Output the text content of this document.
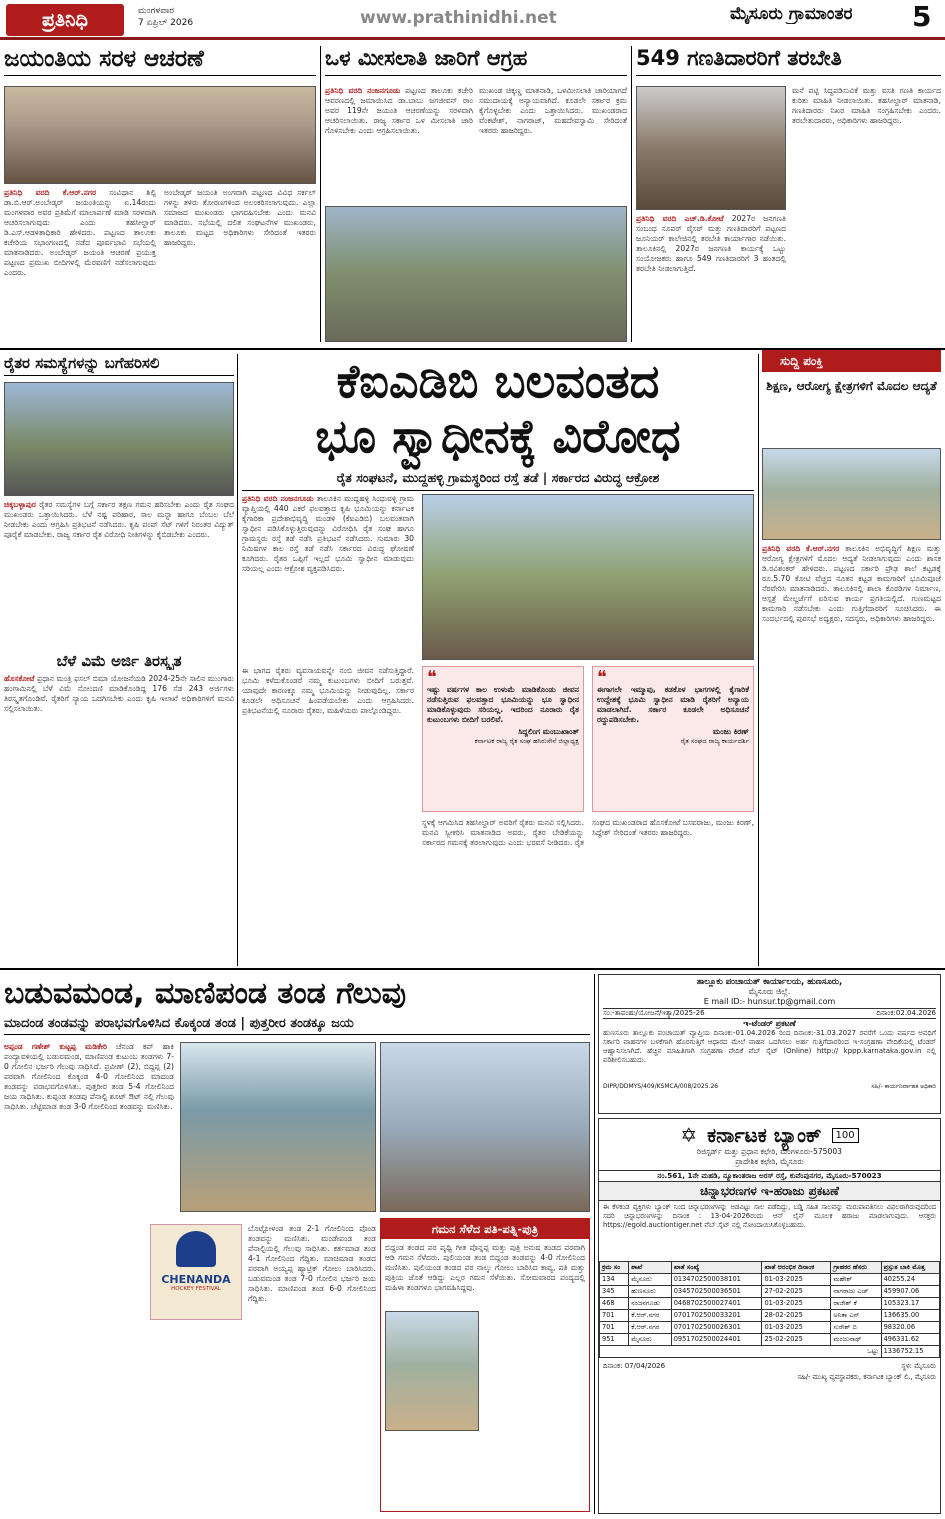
ಪ್ರತಿನಿಧಿ	ಮಂಗಳವಾರ
7 ಏಪ್ರಿಲ್ 2026	www.prathinidhi.net	ಮೈಸೂರು ಗ್ರಾಮಾಂತರ 5
ಜಯಂತಿಯ ಸರಳ ಆಚರಣೆ
ಪ್ರತಿನಿಧಿ ವರದಿ ಕೆ.ಆರ್.ನಗರ ಸಂವಿಧಾನ ಶಿಲ್ಪಿ ಡಾ.ಬಿ.ಆರ್.ಅಂಬೇಡ್ಕರ್ ಜಯಂತಿಯನ್ನು ಏ.14ರಂದು ಮಂಗಳವಾರ ಅವರ ಪ್ರತಿಮೆಗೆ ಮಾಲಾರ್ಪಣೆ ಮಾಡಿ ಸರಳವಾಗಿ ಆಚರಿಸಲಾಗುವುದು ಎಂದು ತಹಸೀಲ್ದಾರ್ ಡಿ.ಎಸ್.ಆಡಳಿತಾಧಿಕಾರಿ ಹೇಳಿದರು. ಪಟ್ಟಣದ ತಾಲೂಕು ಕಚೇರಿಯ ಸಭಾಂಗಣದಲ್ಲಿ ನಡೆದ ಪೂರ್ವಭಾವಿ ಸಭೆಯಲ್ಲಿ ಮಾತನಾಡಿದರು. ಅಂಬೇಡ್ಕರ್ ಜಯಂತಿ ಆಚರಣೆ ಪ್ರಯುಕ್ತ ಪಟ್ಟಣದ ಪ್ರಮುಖ ಬೀದಿಗಳಲ್ಲಿ ಮೆರವಣಿಗೆ ನಡೆಸಲಾಗುವುದು ಎಂದರು.
ಅಂಬೇಡ್ಕರ್ ಜಯಂತಿ ಅಂಗವಾಗಿ ಪಟ್ಟಣದ ವಿವಿಧ ಸರ್ಕಲ್ ಗಳನ್ನು ತಳಿರು ತೋರಣಗಳಿಂದ ಅಲಂಕರಿಸಲಾಗುವುದು. ಎಲ್ಲಾ ಸಮಾಜದ ಮುಖಂಡರು ಭಾಗವಹಿಸಬೇಕು ಎಂದು ಮನವಿ ಮಾಡಿದರು. ಸಭೆಯಲ್ಲಿ ದಲಿತ ಸಂಘಟನೆಗಳ ಮುಖಂಡರು, ತಾಲೂಕು ಮಟ್ಟದ ಅಧಿಕಾರಿಗಳು ಸೇರಿದಂತೆ ಇತರರು ಹಾಜರಿದ್ದರು.
ಒಳ ಮೀಸಲಾತಿ ಜಾರಿಗೆ ಆಗ್ರಹ
ಪ್ರತಿನಿಧಿ ವರದಿ ನಂಜನಗೂಡು ಪಟ್ಟಣದ ತಾಲೂಕು ಕಚೇರಿ ಆವರಣದಲ್ಲಿ ಜಮಾಯಿಸಿದ ಡಾ.ಬಾಬು ಜಗಜೀವನ್ ರಾಂ ಅವರ 119ನೇ ಜಯಂತಿ ಆಚರಣೆಯನ್ನು ಸರಳವಾಗಿ ಆಚರಿಸಲಾಯಿತು. ರಾಜ್ಯ ಸರ್ಕಾರ ಒಳ ಮೀಸಲಾತಿ ಜಾರಿ ಗೊಳಿಸಬೇಕು ಎಂದು ಆಗ್ರಹಿಸಲಾಯಿತು.
ಮುಖಂಡ ಚಿಕ್ಕಣ್ಣ ಮಾತನಾಡಿ, ಒಳಮೀಸಲಾತಿ ಜಾರಿಯಾಗದೆ ಸಮುದಾಯಕ್ಕೆ ಅನ್ಯಾಯವಾಗಿದೆ. ಕೂಡಲೇ ಸರ್ಕಾರ ಕ್ರಮ ಕೈಗೊಳ್ಳಬೇಕು ಎಂದು ಒತ್ತಾಯಿಸಿದರು. ಮುಖಂಡರಾದ ವೆಂಕಟೇಶ್, ನಾಗರಾಜ್, ಮಹದೇವಸ್ವಾಮಿ ಸೇರಿದಂತೆ ಇತರರು ಹಾಜರಿದ್ದರು.
549 ಗಣತಿದಾರರಿಗೆ ತರಬೇತಿ
ಪ್ರತಿನಿಧಿ ವರದಿ ಎಚ್.ಡಿ.ಕೋಟೆ 2027ರ ಜನಗಣತಿ ಸಂಬಂಧ ಸೂಪರ್ ವೈಸರ್ ಮತ್ತು ಗಣತಿದಾರರಿಗೆ ಪಟ್ಟಣದ ಜೂನಿಯರ್ ಕಾಲೇಜಿನಲ್ಲಿ ತರಬೇತಿ ಕಾರ್ಯಾಗಾರ ನಡೆಯಿತು. ತಾಲೂಕಿನಲ್ಲಿ 2027ರ ಜನಗಣತಿ ಕಾರ್ಯಕ್ಕೆ ಒಟ್ಟು ಸಂಯೋಜಕರು ಹಾಗೂ 549 ಗಣತಿದಾರರಿಗೆ 3 ಹಂತದಲ್ಲಿ ತರಬೇತಿ ನೀಡಲಾಗುತ್ತಿದೆ.
ಮನೆ ಪಟ್ಟಿ ಸಿದ್ಧಪಡಿಸುವಿಕೆ ಮತ್ತು ವಸತಿ ಗಣತಿ ಕಾರ್ಯದ ಕುರಿತು ಮಾಹಿತಿ ನೀಡಲಾಯಿತು. ತಹಸೀಲ್ದಾರ್ ಮಾತನಾಡಿ, ಗಣತಿದಾರರು ನಿಖರ ಮಾಹಿತಿ ಸಂಗ್ರಹಿಸಬೇಕು ಎಂದರು. ತರಬೇತುದಾರರು, ಅಧಿಕಾರಿಗಳು ಹಾಜರಿದ್ದರು.
ರೈತರ ಸಮಸ್ಯೆಗಳನ್ನು ಬಗೆಹರಿಸಲಿ
ಚಿಕ್ಕಬಳ್ಳಾಪುರ ರೈತರ ಸಮಸ್ಯೆಗಳ ಬಗ್ಗೆ ಸರ್ಕಾರ ತಕ್ಷಣ ಗಮನ ಹರಿಸಬೇಕು ಎಂದು ರೈತ ಸಂಘದ ಮುಖಂಡರು ಒತ್ತಾಯಿಸಿದರು. ಬೆಳೆ ನಷ್ಟ ಪರಿಹಾರ, ಸಾಲ ಮನ್ನಾ ಹಾಗೂ ಬೆಂಬಲ ಬೆಲೆ ನೀಡಬೇಕು ಎಂದು ಆಗ್ರಹಿಸಿ ಪ್ರತಿಭಟನೆ ನಡೆಸಿದರು. ಕೃಷಿ ಪಂಪ್ ಸೆಟ್ ಗಳಿಗೆ ನಿರಂತರ ವಿದ್ಯುತ್ ಪೂರೈಕೆ ಮಾಡಬೇಕು. ರಾಜ್ಯ ಸರ್ಕಾರ ರೈತ ವಿರೋಧಿ ನೀತಿಗಳನ್ನು ಕೈಬಿಡಬೇಕು ಎಂದರು.
ಬೆಳೆ ವಿಮೆ ಅರ್ಜಿ ತಿರಸ್ಕೃತ
ಹೊಸಕೋಟೆ ಪ್ರಧಾನ ಮಂತ್ರಿ ಫಸಲ್ ಬಿಮಾ ಯೋಜನೆಯಡಿ 2024-25ನೇ ಸಾಲಿನ ಮುಂಗಾರು ಹಂಗಾಮಿನಲ್ಲಿ ಬೆಳೆ ವಿಮೆ ನೋಂದಣಿ ಮಾಡಿಕೊಂಡಿದ್ದ 176 ಸೆಡ 243 ಅರ್ಜಿಗಳು ತಿರಸ್ಕೃತಗೊಂಡಿವೆ. ರೈತರಿಗೆ ನ್ಯಾಯ ಒದಗಿಸಬೇಕು ಎಂದು ಕೃಷಿ ಇಲಾಖೆ ಅಧಿಕಾರಿಗಳಿಗೆ ಮನವಿ ಸಲ್ಲಿಸಲಾಯಿತು.
ಕೆಐಎಡಿಬಿ ಬಲವಂತದ
ಭೂ ಸ್ವಾಧೀನಕ್ಕೆ ವಿರೋಧ
ರೈತ ಸಂಘಟನೆ, ಮುದ್ದಹಳ್ಳಿ ಗ್ರಾಮಸ್ಥರಿಂದ ರಸ್ತೆ ತಡೆ | ಸರ್ಕಾರದ ವಿರುದ್ಧ ಆಕ್ರೋಶ
ಪ್ರತಿನಿಧಿ ವರದಿ ನಂಜನಗೂಡು ತಾಲೂಕಿನ ಮುದ್ದಹಳ್ಳಿ ಸಿಂಧುವಳ್ಳಿ ಗ್ರಾಮ ವ್ಯಾಪ್ತಿಯಲ್ಲಿ 440 ಎಕರೆ ಫಲವತ್ತಾದ ಕೃಷಿ ಭೂಮಿಯನ್ನು ಕರ್ನಾಟಕ ಕೈಗಾರಿಕಾ ಪ್ರದೇಶಾಭಿವೃದ್ಧಿ ಮಂಡಳಿ (ಕೆಐಎಡಿಬಿ) ಬಲವಂತವಾಗಿ ಸ್ವಾಧೀನ ಪಡಿಸಿಕೊಳ್ಳುತ್ತಿರುವುದನ್ನು ವಿರೋಧಿಸಿ ರೈತ ಸಂಘ ಹಾಗೂ ಗ್ರಾಮಸ್ಥರು ರಸ್ತೆ ತಡೆ ನಡೆಸಿ ಪ್ರತಿಭಟನೆ ನಡೆಸಿದರು. ಸುಮಾರು 30 ನಿಮಿಷಗಳ ಕಾಲ ರಸ್ತೆ ತಡೆ ನಡೆಸಿ ಸರ್ಕಾರದ ವಿರುದ್ಧ ಘೋಷಣೆ ಕೂಗಿದರು. ರೈತರ ಒಪ್ಪಿಗೆ ಇಲ್ಲದೆ ಭೂಮಿ ಸ್ವಾಧೀನ ಮಾಡುವುದು ಸರಿಯಲ್ಲ ಎಂದು ಆಕ್ರೋಶ ವ್ಯಕ್ತಪಡಿಸಿದರು.
ಈ ಭಾಗದ ರೈತರು ವ್ಯವಸಾಯವನ್ನೇ ನಂಬಿ ಜೀವನ ನಡೆಸುತ್ತಿದ್ದಾರೆ. ಭೂಮಿ ಕಳೆದುಕೊಂಡರೆ ನಮ್ಮ ಕುಟುಂಬಗಳು ಬೀದಿಗೆ ಬರುತ್ತವೆ. ಯಾವುದೇ ಕಾರಣಕ್ಕೂ ನಮ್ಮ ಭೂಮಿಯನ್ನು ನೀಡುವುದಿಲ್ಲ. ಸರ್ಕಾರ ಕೂಡಲೇ ಅಧಿಸೂಚನೆ ಹಿಂಪಡೆಯಬೇಕು ಎಂದು ಆಗ್ರಹಿಸಿದರು. ಪ್ರತಿಭಟನೆಯಲ್ಲಿ ನೂರಾರು ರೈತರು, ಮಹಿಳೆಯರು ಪಾಲ್ಗೊಂಡಿದ್ದರು.
❝
ಇಷ್ಟು ವರ್ಷಗಳ ಕಾಲ ಉಳುಮೆ ಮಾಡಿಕೊಂಡು ಜೀವನ ನಡೆಸುತ್ತಿರುವ ಫಲವತ್ತಾದ ಭೂಮಿಯನ್ನು ಭೂ ಸ್ವಾಧೀನ ಮಾಡಿಕೊಳ್ಳುವುದು ಸರಿಯಲ್ಲ. ಇದರಿಂದ ನೂರಾರು ರೈತ ಕುಟುಂಬಗಳು ಬೀದಿಗೆ ಬರಲಿವೆ.
ಸಿದ್ದಲಿಂಗ ಮಂಬುಖಾಂತ್
ಕರ್ನಾಟಕ ರಾಜ್ಯ ರೈತ ಸಂಘ ಹಸಿರುಸೇನೆ ಜಿಲ್ಲಾಧ್ಯಕ್ಷ
❝
ಈಗಾಗಲೇ ಇಮ್ಮಾವು, ಕಡಕೊಳ ಭಾಗಗಳಲ್ಲಿ ಕೈಗಾರಿಕೆ ಉದ್ದೇಶಕ್ಕೆ ಭೂಮಿ ಸ್ವಾಧೀನ ಮಾಡಿ ರೈತರಿಗೆ ಅನ್ಯಾಯ ಮಾಡಲಾಗಿದೆ. ಸರ್ಕಾರ ಕೂಡಲೇ ಅಧಿಸೂಚನೆ ರದ್ದುಪಡಿಸಬೇಕು.
ಮಂಜು ಕಿರಣ್
ರೈತ ಸಂಘದ ರಾಜ್ಯ ಕಾರ್ಯದರ್ಶಿ
ಸ್ಥಳಕ್ಕೆ ಆಗಮಿಸಿದ ತಹಸೀಲ್ದಾರ್ ಅವರಿಗೆ ರೈತರು ಮನವಿ ಸಲ್ಲಿಸಿದರು. ಮನವಿ ಸ್ವೀಕರಿಸಿ ಮಾತನಾಡಿದ ಅವರು, ರೈತರ ಬೇಡಿಕೆಯನ್ನು ಸರ್ಕಾರದ ಗಮನಕ್ಕೆ ತರಲಾಗುವುದು ಎಂದು ಭರವಸೆ ನೀಡಿದರು. ರೈತ ಸಂಘದ ಮುಖಂಡರಾದ ಹೊಸಕೋಟೆ ಬಸವರಾಜು, ಮಂಜು ಕಿರಣ್, ಸಿದ್ದೇಶ್ ಸೇರಿದಂತೆ ಇತರರು ಹಾಜರಿದ್ದರು.
ಸುದ್ದಿ ಪಂಕ್ತಿ
ಶಿಕ್ಷಣ, ಆರೋಗ್ಯ ಕ್ಷೇತ್ರಗಳಿಗೆ ಮೊದಲ ಆದ್ಯತೆ
ಪ್ರತಿನಿಧಿ ವರದಿ ಕೆ.ಆರ್.ನಗರ ತಾಲೂಕಿನ ಅಭಿವೃದ್ಧಿಗೆ ಶಿಕ್ಷಣ ಮತ್ತು ಆರೋಗ್ಯ ಕ್ಷೇತ್ರಗಳಿಗೆ ಮೊದಲ ಆದ್ಯತೆ ನೀಡಲಾಗುವುದು ಎಂದು ಶಾಸಕ ಡಿ.ರವಿಶಂಕರ್ ಹೇಳಿದರು. ಪಟ್ಟಣದ ಸರ್ಕಾರಿ ಪ್ರೌಢ ಶಾಲೆ ಕಟ್ಟಡಕ್ಕೆ ರೂ.5.70 ಕೋಟಿ ವೆಚ್ಚದ ನೂತನ ಕಟ್ಟಡ ಕಾಮಗಾರಿಗೆ ಭೂಮಿಪೂಜೆ ನೆರವೇರಿಸಿ ಮಾತನಾಡಿದರು. ತಾಲೂಕಿನಲ್ಲಿ ಶಾಲಾ ಕೊಠಡಿಗಳ ನಿರ್ಮಾಣ, ಆಸ್ಪತ್ರೆ ಮೇಲ್ದರ್ಜೆಗೆ ಏರಿಸುವ ಕಾರ್ಯ ಪ್ರಗತಿಯಲ್ಲಿದೆ. ಗುಣಮಟ್ಟದ ಕಾಮಗಾರಿ ನಡೆಸಬೇಕು ಎಂದು ಗುತ್ತಿಗೆದಾರರಿಗೆ ಸೂಚಿಸಿದರು. ಈ ಸಂದರ್ಭದಲ್ಲಿ ಪುರಸಭೆ ಅಧ್ಯಕ್ಷರು, ಸದಸ್ಯರು, ಅಧಿಕಾರಿಗಳು ಹಾಜರಿದ್ದರು.
ಬಡುವಮಂಡ, ಮಾಣಿಪಂಡ ತಂಡ ಗೆಲುವು
ಮಾದಂಡ ತಂಡವನ್ನು ಪರಾಭವಗೊಳಿಸಿದ ಕೊಕ್ಕಂಡ ತಂಡ | ಪುತ್ತರೀರ ತಂಡಕ್ಕೂ ಜಯ
ಅಪ್ಪಂಡ ಗಣೇಶ್ ಕುಟ್ಟಪ್ಪ ಮಡಿಕೇರಿ ಚೆನಂಡ ಕಪ್ ಹಾಕಿ ಪಂದ್ಯಾವಳಿಯಲ್ಲಿ ಬಡುವಮಂಡ, ಮಾಣಿಪಂಡ ಕುಟುಂಬ ತಂಡಗಳು 7-0 ಗೋಲಿನ ಭರ್ಜರಿ ಗೆಲುವು ಸಾಧಿಸಿದೆ. ಪ್ರವೀಣ್ (2), ಬಿದ್ದಪ್ಪ (2) ಪರವಾಗಿ ಗೋಲಿನಿಂದ ಕೊಕ್ಕಂಡ 4-0 ಗೋಲಿನಿಂದ ಮಾದಂಡ ತಂಡವನ್ನು ಪರಾಭವಗೊಳಿಸಿತು. ಪುತ್ತರೀರ ತಂಡ 5-4 ಗೋಲಿನಿಂದ ಜಯ ಸಾಧಿಸಿತು. ಕುಪ್ಪಂಡ ತಂಡವು ಪೆನಾಲ್ಟಿ ಶೂಟ್ ಔಟ್ ನಲ್ಲಿ ಗೆಲುವು ಸಾಧಿಸಿತು. ಚೆಟ್ಟಿಮಾಡ ತಂಡ 3-0 ಗೋಲಿನಿಂದ ತಂಡವನ್ನು ಮಣಿಸಿತು.
CHENANDA
HOCKEY FESTIVAL
ಬೊಟ್ಟೋಳಂಡ ತಂಡ 2-1 ಗೋಲಿನಿಂದ ಪೊಂಡ ತಂಡವನ್ನು ಮಣಿಸಿತು. ಮಂಡೇಪಂಡ ತಂಡ ಪೆನಾಲ್ಟಿಯಲ್ಲಿ ಗೆಲುವು ಸಾಧಿಸಿತು. ಕರ್ತಮಾಡ ತಂಡ 4-1 ಗೋಲಿನಿಂದ ಗೆದ್ದಿತು. ಮಾಚಿಮಾಡ ತಂಡದ ಪರವಾಗಿ ಅಯ್ಯಪ್ಪ ಹ್ಯಾಟ್ರಿಕ್ ಗೋಲು ಬಾರಿಸಿದರು. ಬಡುವಮಂಡ ತಂಡ 7-0 ಗೋಲಿನ ಭರ್ಜರಿ ಜಯ ಸಾಧಿಸಿತು. ಮಾಣಿಪಂಡ ತಂಡ 6-0 ಗೋಲಿನಿಂದ ಗೆದ್ದಿತು.
ಗಮನ ಸೆಳೆದ ಪತಿ-ಪತ್ನಿ-ಪುತ್ರಿ
ಬಿದ್ದಂಡ ತಂಡದ ಪರ ಪೃಥ್ವಿ ಗೀತ ಪೊನ್ನಪ್ಪ ಮತ್ತು ಪುತ್ರಿ ಅನುಷ ತಂಡದ ಪರವಾಗಿ ಆಡಿ ಗಮನ ಸೆಳೆದರು. ಪುಲಿಯಂಡ ತಂಡ ಬಿದ್ದಂಡ ತಂಡವನ್ನು 4-0 ಗೋಲಿನಿಂದ ಮಣಿಸಿತು. ಪುಲಿಯಂಡ ತಂಡದ ಪರ ನಾಲ್ಕು ಗೋಲು ಬಾರಿಸಿದ ಕಾವ್ಯ, ಪತಿ ಮತ್ತು ಪುತ್ರಿಯ ಜೊತೆ ಆಡಿದ್ದು ಎಲ್ಲರ ಗಮನ ಸೆಳೆಯಿತು. ಸೋಮವಾರದ ಪಂದ್ಯದಲ್ಲಿ ಮಹಿಳಾ ತಂಡಗಳೂ ಭಾಗವಹಿಸಿದ್ದವು.
ತಾಲ್ಲೂಕು ಪಂಚಾಯತ್ ಕಾರ್ಯಾಲಯ, ಹುಣಸೂರು,
ಮೈಸೂರು ಜಿಲ್ಲೆ.
E mail ID:- hunsur.tp@gmail.com
ಸಂ:-ತಾಪಂಹು/ಯೋಜನೆ/ಇತ್ಯಾ/2025-26	ದಿನಾಂಕ:02.04.2026
ಇ-ಟೆಂಡರ್ ಪ್ರಕಟಣೆ
ಹುಣಸೂರು ತಾಲ್ಲೂಕು ಪಂಚಾಯತ್ ವ್ಯಾಪ್ತಿಯ ದಿನಾಂಕ:-01.04.2026 ರಿಂದ ದಿನಾಂಕ:-31.03.2027 ರವರೆಗೆ ಒಂದು ವರ್ಷದ ಅವಧಿಗೆ ಸರ್ಕಾರಿ ವಾಹನಗಳ ಬಳಕೆಗಾಗಿ ಹೊರಗುತ್ತಿಗೆ ಆಧಾರದ ಮೇಲೆ ವಾಹನ ಒದಗಿಸಲು ಅರ್ಹ ಗುತ್ತಿಗೆದಾರರಿಂದ ಇ-ಸಂಗ್ರಹಣಾ ವೇದಿಕೆಯಲ್ಲಿ ಟೆಂಡರ್ ಆಹ್ವಾನಿಸಲಾಗಿದೆ. ಹೆಚ್ಚಿನ ಮಾಹಿತಿಗಾಗಿ ಸಂಗ್ರಹಣಾ ವೇದಿಕೆ ವೆಬ್ ಸೈಟ್ (Online) http:// kppp.karnataka.gov.in ನಲ್ಲಿ ಪರಿಶೀಲಿಸಬಹುದು.
DIPR/DDMYS/409/KSMCA/008/2025.26	ಸಹಿ/- ಕಾರ್ಯನಿರ್ವಾಹಕ ಅಧಿಕಾರಿ
✡ ಕರ್ನಾಟಕ ಬ್ಯಾಂಕ್	100
ರಿಜಿಸ್ಟರ್ಡ್ ಮತ್ತು ಪ್ರಧಾನ ಕಛೇರಿ, ಮಂಗಳೂರು-575003
ಪ್ರಾದೇಶಿಕ ಕಛೇರಿ, ಮೈಸೂರು
ನಂ.561, 1ನೇ ಮಹಡಿ, ನ್ಯೂಕಾಂತರಾಜ ಅರಸ್ ರಸ್ತೆ, ಕುವೆಂಪುನಗರ, ಮೈಸೂರು-570023
ಚಿನ್ನಾಭರಣಗಳ ಇ-ಹರಾಜು ಪ್ರಕಟಣೆ
ಈ ಕೆಳಕಂಡ ವ್ಯಕ್ತಿಗಳು ಬ್ಯಾಂಕ್ ನಿಂದ ಚಿನ್ನಾಭರಣಗಳನ್ನು ಅಡವಿಟ್ಟು ಸಾಲ ಪಡೆದಿದ್ದು, ಬಡ್ಡಿ ಸಹಿತ ಸಾಲವನ್ನು ಮರುಪಾವತಿಸಲು ವಿಫಲರಾಗಿರುವುದರಿಂದ ಸದರಿ ಚಿನ್ನಾಭರಣಗಳನ್ನು ದಿನಾಂಕ : 13-04-2026ರಂದು ಆನ್ ಲೈನ್ ಮೂಲಕ ಹರಾಜು ಮಾಡಲಾಗುವುದು. ಆಸಕ್ತರು https://egold.auctiontiger.net ವೆಬ್ ಸೈಟ್ ನಲ್ಲಿ ನೋಂದಾಯಿಸಿಕೊಳ್ಳಬಹುದು.
ಕ್ರಮ ಸಂ	ಶಾಖೆ	ಖಾತೆ ಸಂಖ್ಯೆ	ಖಾತೆ ಆರಂಭಿಕ ದಿನಾಂಕ	ಗ್ರಾಹಕರ ಹೆಸರು	ಪ್ರಸ್ತುತ ಬಾಕಿ ಮೊತ್ತ
134	ಮೈಸೂರು	0134702500038101	01-03-2025	ಮಹೇಶ್	40255.24
345	ಹುಣಸೂರು	0345702500036501	27-02-2025	ನಾಗರಾಜು ಎಚ್	459907.06
468	ನಂಜನಗೂಡು	0468702500027401	01-03-2025	ರಾಜೇಶ್ ಕೆ	105323.17
701	ಕೆ.ಆರ್.ನಗರ	0701702500033201	28-02-2025	ಅನಿತಾ ಎಸ್	136635.00
701	ಕೆ.ಆರ್.ನಗರ	0701702500026301	01-03-2025	ಸುರೇಶ್ ಬಿ	98320.06
951	ಮೈಸೂರು	0951702500024401	25-02-2025	ಮಂಜುನಾಥ್	496331.62
ಒಟ್ಟು					1336752.15
ದಿನಾಂಕ: 07/04/2026	ಸ್ಥಳ: ಮೈಸೂರು
ಸಹಿ/- ಮುಖ್ಯ ವ್ಯವಸ್ಥಾಪಕರು, ಕರ್ನಾಟಕ ಬ್ಯಾಂಕ್ ಲಿ., ಮೈಸೂರು
